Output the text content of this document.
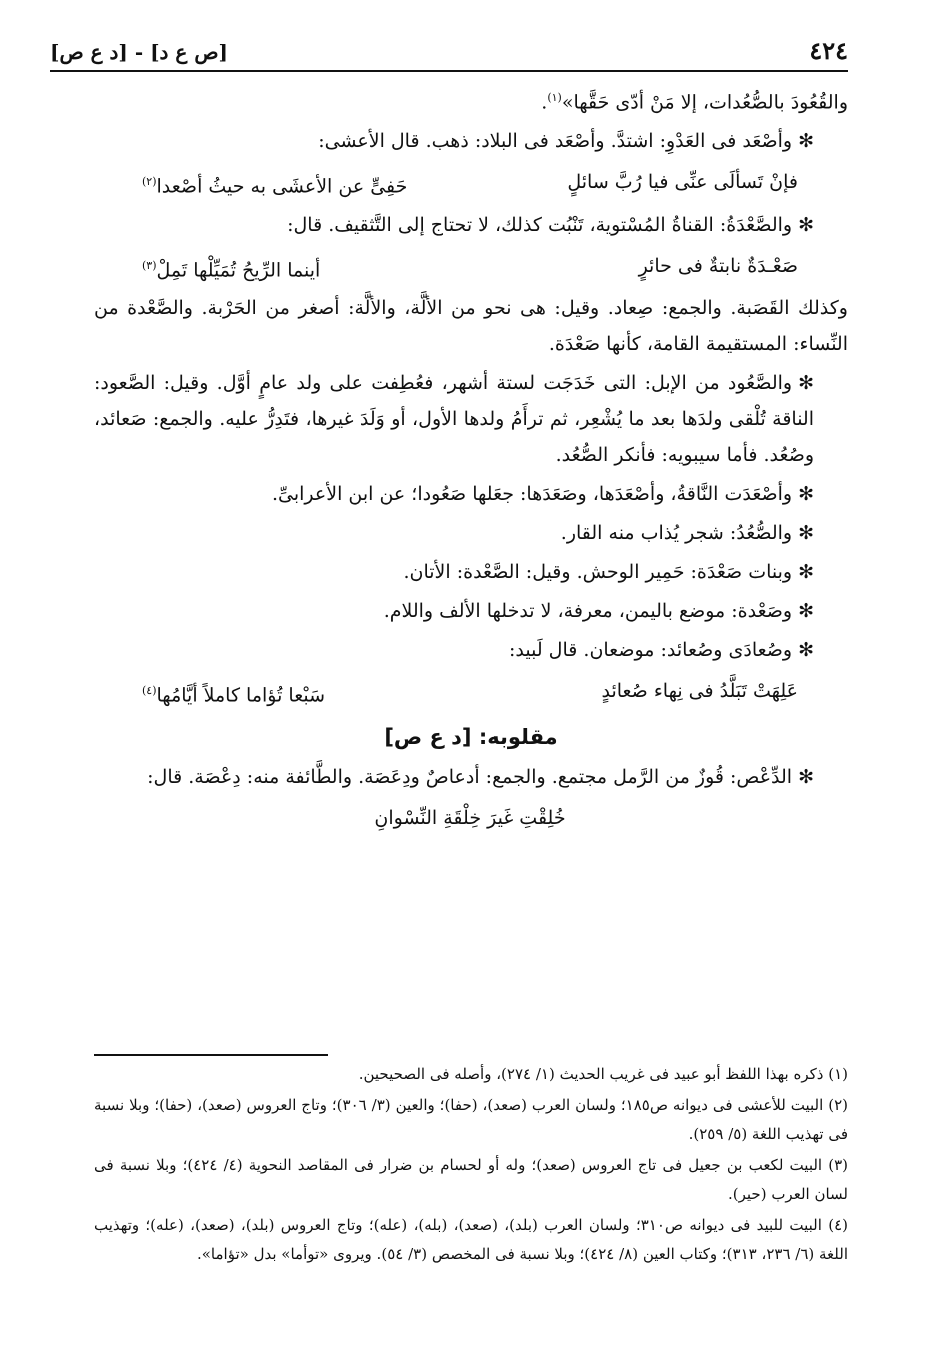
٤٢٤
[ص ع د] - [د ع ص]

والقُعُودَ بالصُّعُدات، إلا مَنْ أدّى حَقَّها»$^{(١)}$.

✻وأصْعَد فى العَدْوِ: اشتدَّ. وأصْعَد فى البلاد: ذهب. قال الأعشى:

فإنْ تَسألَى عنِّى فيا رُبَّ سائلٍ
حَفِىٍّ عن الأعشَى به حيثُ أصْعدا$^{(٢)}$

✻والصَّعْدَةُ: القناةُ المُسْتوية، تَنْبُت كذلك، لا تحتاج إلى التَّثقيف. قال:

صَعْـدَةٌ نابتةٌ فى حائرٍ
أينما الرِّيحُ تُمَيِّلْها تَمِلْ$^{(٣)}$

وكذلك القَصَبة. والجمع: صِعاد. وقيل: هى نحو من الألَّة، والألَّة: أصغر من الحَرْبة. والصَّعْدة من النِّساء: المستقيمة القامة، كأنها صَعْدَة.

✻والصَّعُود من الإبل: التى خَدَجَت لستة أشهر، فعُطِفت على ولد عامٍ أوَّل. وقيل: الصَّعود: الناقة تُلْقى ولدَها بعد ما يُشْعِر، ثم ترأَمُ ولدها الأول، أو وَلَدَ غيرها، فتَدِرُّ عليه. والجمع: صَعائد، وصُعُد. فأما سيبويه: فأنكر الصُّعُد.

✻وأصْعَدَت النَّاقةُ، وأصْعَدَها، وصَعَدَها: جعَلها صَعُودا؛ عن ابن الأعرابىِّ.

✻والصُّعُدُ: شجر يُذاب منه القار.

✻وبنات صَعْدَة: حَمِير الوحش. وقيل: الصَّعْدة: الأتان.

✻وصَعْدة: موضع باليمن، معرفة، لا تدخلها الألف واللام.

✻وصُعادَى وصُعائد: موضعان. قال لَبيد:

عَلِهَتْ تَبَلَّدُ فى نِهاء صُعائدٍ
سَبْعا تُؤاما كاملاً أيَّامُها$^{(٤)}$
مقلوبه: [د ع ص]

✻الدِّعْص: قُوزٌ من الرَّمل مجتمع. والجمع: أدعاصٌ ودِعَصَة. والطَّائفة منه: دِعْصَة. قال:

خُلِقْتِ غَيرَ خِلْقَةِ النِّسْوانِ

(١) ذكره بهذا اللفظ أبو عبيد فى غريب الحديث (١/ ٢٧٤)، وأصله فى الصحيحين.

(٢) البيت للأعشى فى ديوانه ص١٨٥؛ ولسان العرب (صعد)، (حفا)؛ والعين (٣/ ٣٠٦)؛ وتاج العروس (صعد)، (حفا)؛ وبلا نسبة فى تهذيب اللغة (٥/ ٢٥٩).

(٣) البيت لكعب بن جعيل فى تاج العروس (صعد)؛ وله أو لحسام بن ضرار فى المقاصد النحوية (٤/ ٤٢٤)؛ وبلا نسبة فى لسان العرب (حير).

(٤) البيت للبيد فى ديوانه ص٣١٠؛ ولسان العرب (بلد)، (صعد)، (بله)، (عله)؛ وتاج العروس (بلد)، (صعد)، (عله)؛ وتهذيب اللغة (٦/ ٢٣٦، ٣١٣)؛ وكتاب العين (٨/ ٤٢٤)؛ وبلا نسبة فى المخصص (٣/ ٥٤). ويروى «توأما» بدل «تؤاما».
